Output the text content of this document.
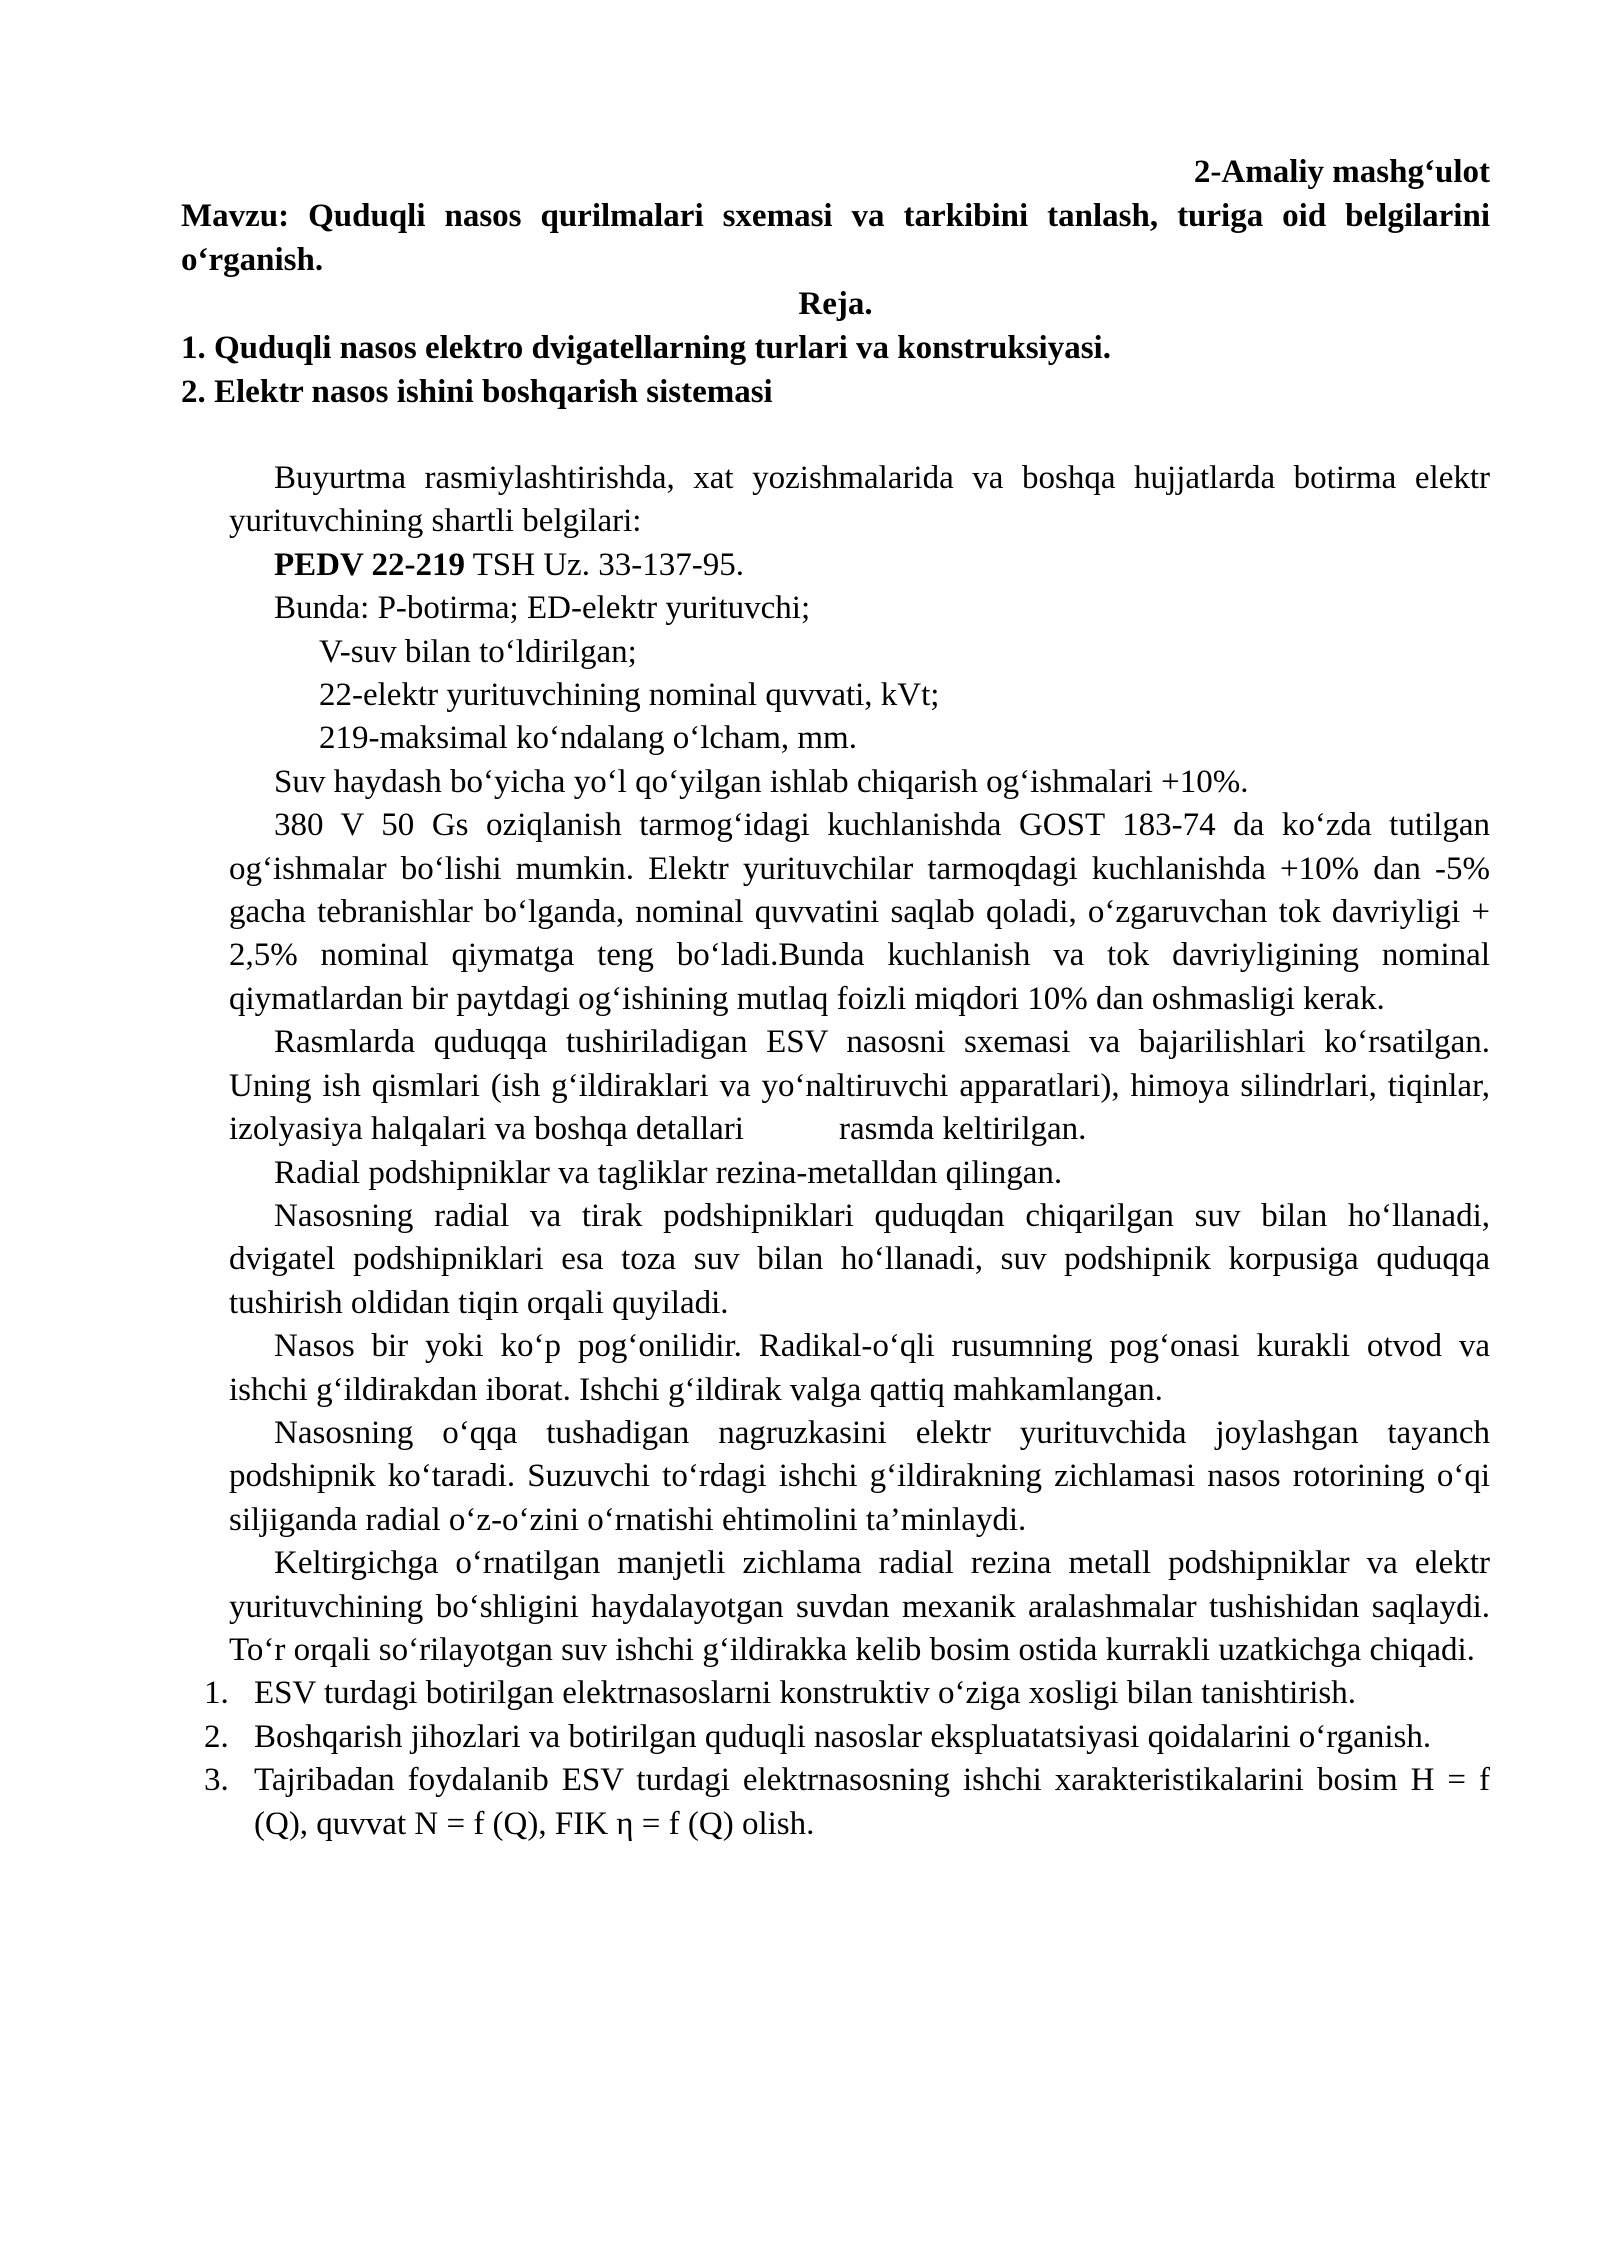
2-Amaliy mashg‘ulot
Mavzu: Quduqli nasos qurilmalari sxemasi va tarkibini tanlash, turiga oid belgilarini o‘rganish.
Reja.
1. Quduqli nasos elektro dvigatellarning turlari va konstruksiyasi.
2. Elektr nasos ishini boshqarish sistemasi
Buyurtma rasmiylashtirishda, xat yozishmalarida va boshqa hujjatlarda botirma elektr yurituvchining shartli belgilari:
PEDV 22-219 TSH Uz. 33-137-95.
Bunda: P-botirma; ED-elektr yurituvchi;
V-suv bilan to‘ldirilgan;
22-elektr yurituvchining nominal quvvati, kVt;
219-maksimal ko‘ndalang o‘lcham, mm.
Suv haydash bo‘yicha yo‘l qo‘yilgan ishlab chiqarish og‘ishmalari +10%.
380 V 50 Gs oziqlanish tarmog‘idagi kuchlanishda GOST 183-74 da ko‘zda tutilgan og‘ishmalar bo‘lishi mumkin. Elektr yurituvchilar tarmoqdagi kuchlanishda +10% dan -5% gacha tebranishlar bo‘lganda, nominal quvvatini saqlab qoladi, o‘zgaruvchan tok davriyligi + 2,5% nominal qiymatga teng bo‘ladi.Bunda kuchlanish va tok davriyligining nominal qiymatlardan bir paytdagi og‘ishining mutlaq foizli miqdori 10% dan oshmasligi kerak.
Rasmlarda quduqqa tushiriladigan ESV nasosni sxemasi va bajarilishlari ko‘rsatilgan. Uning ish qismlari (ish g‘ildiraklari va yo‘naltiruvchi apparatlari), himoya silindrlari, tiqinlar, izolyasiya halqalari va boshqa detallari	rasmda keltirilgan.
Radial podshipniklar va tagliklar rezina-metalldan qilingan.
Nasosning radial va tirak podshipniklari quduqdan chiqarilgan suv bilan ho‘llanadi, dvigatel podshipniklari esa toza suv bilan ho‘llanadi, suv podshipnik korpusiga quduqqa tushirish oldidan tiqin orqali quyiladi.
Nasos bir yoki ko‘p pog‘onilidir. Radikal-o‘qli rusumning pog‘onasi kurakli otvod va ishchi g‘ildirakdan iborat. Ishchi g‘ildirak valga qattiq mahkamlangan.
Nasosning o‘qqa tushadigan nagruzkasini elektr yurituvchida joylashgan tayanch podshipnik ko‘taradi. Suzuvchi to‘rdagi ishchi g‘ildirakning zichlamasi nasos rotorining o‘qi siljiganda radial o‘z-o‘zini o‘rnatishi ehtimolini ta’minlaydi.
Keltirgichga o‘rnatilgan manjetli zichlama radial rezina metall podshipniklar va elektr yurituvchining bo‘shligini haydalayotgan suvdan mexanik aralashmalar tushishidan saqlaydi. To‘r orqali so‘rilayotgan suv ishchi g‘ildirakka kelib bosim ostida kurrakli uzatkichga chiqadi.
1. ESV turdagi botirilgan elektrnasoslarni konstruktiv o‘ziga xosligi bilan tanishtirish.
2. Boshqarish jihozlari va botirilgan quduqli nasoslar ekspluatatsiyasi qoidalarini o‘rganish.
3. Tajribadan foydalanib ESV turdagi elektrnasosning ishchi xarakteristikalarini bosim H = f (Q), quvvat N = f (Q), FIK η = f (Q) olish.
